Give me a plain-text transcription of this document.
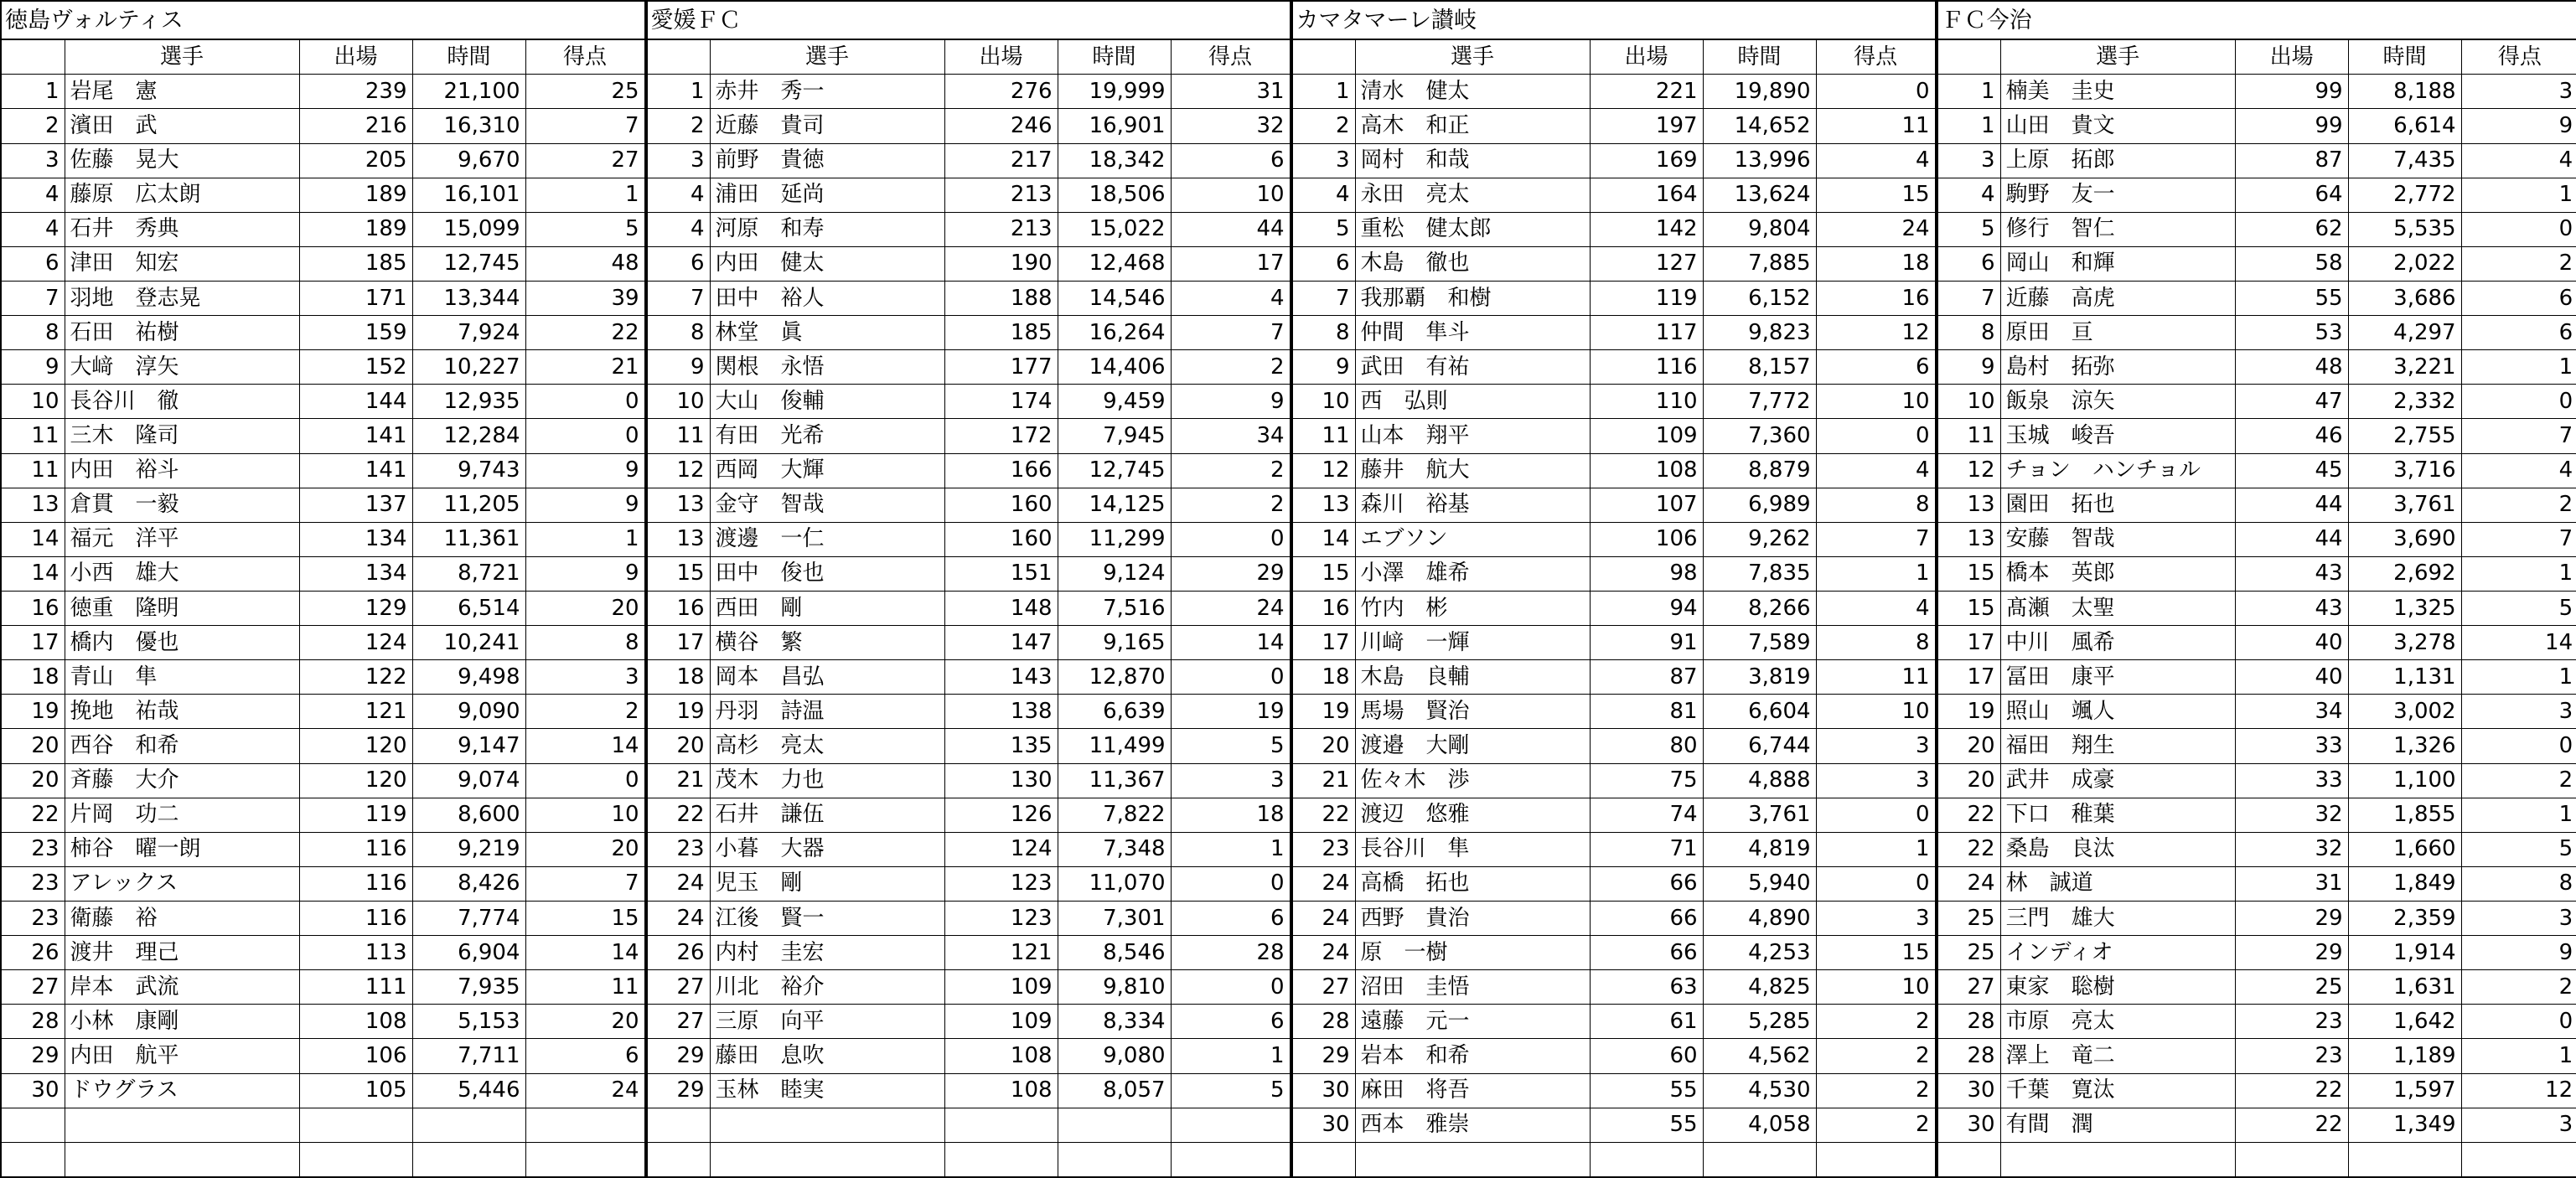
徳島ヴォルティス				
	選手	出場	時間	得点
1	岩尾　憲	239	21,100	25
2	濱田　武	216	16,310	7
3	佐藤　晃大	205	9,670	27
4	藤原　広太朗	189	16,101	1
4	石井　秀典	189	15,099	5
6	津田　知宏	185	12,745	48
7	羽地　登志晃	171	13,344	39
8	石田　祐樹	159	7,924	22
9	大﨑　淳矢	152	10,227	21
10	長谷川　徹	144	12,935	0
11	三木　隆司	141	12,284	0
11	内田　裕斗	141	9,743	9
13	倉貫　一毅	137	11,205	9
14	福元　洋平	134	11,361	1
14	小西　雄大	134	8,721	9
16	徳重　隆明	129	6,514	20
17	橋内　優也	124	10,241	8
18	青山　隼	122	9,498	3
19	挽地　祐哉	121	9,090	2
20	西谷　和希	120	9,147	14
20	斉藤　大介	120	9,074	0
22	片岡　功二	119	8,600	10
23	柿谷　曜一朗	116	9,219	20
23	アレックス	116	8,426	7
23	衛藤　裕	116	7,774	15
26	渡井　理己	113	6,904	14
27	岸本　武流	111	7,935	11
28	小林　康剛	108	5,153	20
29	内田　航平	106	7,711	6
30	ドウグラス	105	5,446	24

愛媛ＦＣ				
	選手	出場	時間	得点
1	赤井　秀一	276	19,999	31
2	近藤　貴司	246	16,901	32
3	前野　貴徳	217	18,342	6
4	浦田　延尚	213	18,506	10
4	河原　和寿	213	15,022	44
6	内田　健太	190	12,468	17
7	田中　裕人	188	14,546	4
8	林堂　眞	185	16,264	7
9	関根　永悟	177	14,406	2
10	大山　俊輔	174	9,459	9
11	有田　光希	172	7,945	34
12	西岡　大輝	166	12,745	2
13	金守　智哉	160	14,125	2
13	渡邊　一仁	160	11,299	0
15	田中　俊也	151	9,124	29
16	西田　剛	148	7,516	24
17	横谷　繁	147	9,165	14
18	岡本　昌弘	143	12,870	0
19	丹羽　詩温	138	6,639	19
20	高杉　亮太	135	11,499	5
21	茂木　力也	130	11,367	3
22	石井　謙伍	126	7,822	18
23	小暮　大器	124	7,348	1
24	児玉　剛	123	11,070	0
24	江後　賢一	123	7,301	6
26	内村　圭宏	121	8,546	28
27	川北　裕介	109	9,810	0
27	三原　向平	109	8,334	6
29	藤田　息吹	108	9,080	1
29	玉林　睦実	108	8,057	5

カマタマーレ讃岐				
	選手	出場	時間	得点
1	清水　健太	221	19,890	0
2	高木　和正	197	14,652	11
3	岡村　和哉	169	13,996	4
4	永田　亮太	164	13,624	15
5	重松　健太郎	142	9,804	24
6	木島　徹也	127	7,885	18
7	我那覇　和樹	119	6,152	16
8	仲間　隼斗	117	9,823	12
9	武田　有祐	116	8,157	6
10	西　弘則	110	7,772	10
11	山本　翔平	109	7,360	0
12	藤井　航大	108	8,879	4
13	森川　裕基	107	6,989	8
14	エブソン	106	9,262	7
15	小澤　雄希	98	7,835	1
16	竹内　彬	94	8,266	4
17	川﨑　一輝	91	7,589	8
18	木島　良輔	87	3,819	11
19	馬場　賢治	81	6,604	10
20	渡邉　大剛	80	6,744	3
21	佐々木　渉	75	4,888	3
22	渡辺　悠雅	74	3,761	0
23	長谷川　隼	71	4,819	1
24	高橋　拓也	66	5,940	0
24	西野　貴治	66	4,890	3
24	原　一樹	66	4,253	15
27	沼田　圭悟	63	4,825	10
28	遠藤　元一	61	5,285	2
29	岩本　和希	60	4,562	2
30	麻田　将吾	55	4,530	2
30	西本　雅崇	55	4,058	2

ＦＣ今治				
	選手	出場	時間	得点
1	楠美　圭史	99	8,188	3
1	山田　貴文	99	6,614	9
3	上原　拓郎	87	7,435	4
4	駒野　友一	64	2,772	1
5	修行　智仁	62	5,535	0
6	岡山　和輝	58	2,022	2
7	近藤　高虎	55	3,686	6
8	原田　亘	53	4,297	6
9	島村　拓弥	48	3,221	1
10	飯泉　涼矢	47	2,332	0
11	玉城　峻吾	46	2,755	7
12	チョン　ハンチョル	45	3,716	4
13	園田　拓也	44	3,761	2
13	安藤　智哉	44	3,690	7
15	橋本　英郎	43	2,692	1
15	髙瀬　太聖	43	1,325	5
17	中川　風希	40	3,278	14
17	冨田　康平	40	1,131	1
19	照山　颯人	34	3,002	3
20	福田　翔生	33	1,326	0
20	武井　成豪	33	1,100	2
22	下口　稚葉	32	1,855	1
22	桑島　良汰	32	1,660	5
24	林　誠道	31	1,849	8
25	三門　雄大	29	2,359	3
25	インディオ	29	1,914	9
27	東家　聡樹	25	1,631	2
28	市原　亮太	23	1,642	0
28	澤上　竜二	23	1,189	1
30	千葉　寛汰	22	1,597	12
30	有間　潤	22	1,349	3
